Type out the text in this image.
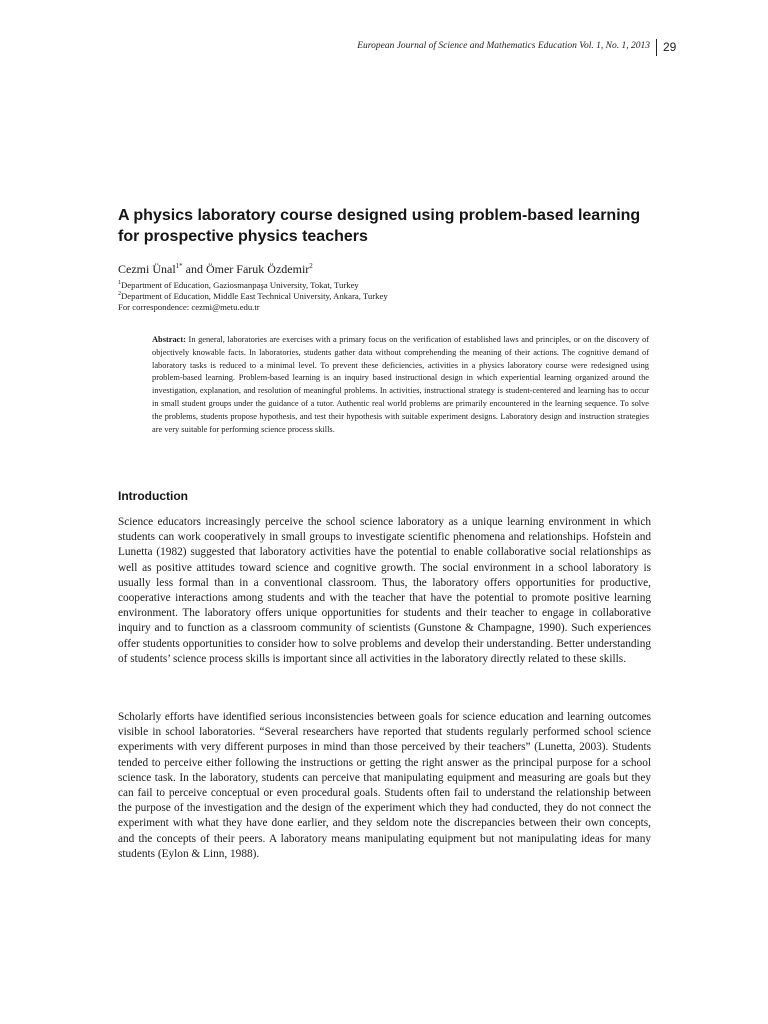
European Journal of Science and Mathematics Education Vol. 1, No. 1, 2013 29
A physics laboratory course designed using problem-based learning for prospective physics teachers
Cezmi Ünal$^{1*}$ and Ömer Faruk Özdemir$^2$
$^1$Department of Education, Gaziosmanpaşa University, Tokat, Turkey
$^2$Department of Education, Middle East Technical University, Ankara, Turkey
For correspondence: cezmi@metu.edu.tr

Abstract: In general, laboratories are exercises with a primary focus on the verification of established laws and principles, or on the discovery of objectively knowable facts. In laboratories, students gather data without comprehending the meaning of their actions. The cognitive demand of laboratory tasks is reduced to a minimal level. To prevent these deficiencies, activities in a physics laboratory course were redesigned using problem-based learning. Problem-based learning is an inquiry based instructional design in which experiential learning organized around the investigation, explanation, and resolution of meaningful problems. In activities, instructional strategy is student-centered and learning has to occur in small student groups under the guidance of a tutor. Authentic real world problems are primarily encountered in the learning sequence. To solve the problems, students propose hypothesis, and test their hypothesis with suitable experiment designs. Laboratory design and instruction strategies are very suitable for performing science process skills.

Introduction

Science educators increasingly perceive the school science laboratory as a unique learning environment in which students can work cooperatively in small groups to investigate scientific phenomena and relationships. Hofstein and Lunetta (1982) suggested that laboratory activities have the potential to enable collaborative social relationships as well as positive attitudes toward science and cognitive growth. The social environment in a school laboratory is usually less formal than in a conventional classroom. Thus, the laboratory offers opportunities for productive, cooperative interactions among students and with the teacher that have the potential to promote positive learning environment. The laboratory offers unique opportunities for students and their teacher to engage in collaborative inquiry and to function as a classroom community of scientists (Gunstone & Champagne, 1990). Such experiences offer students opportunities to consider how to solve problems and develop their understanding. Better understanding of students’ science process skills is important since all activities in the laboratory directly related to these skills.

Scholarly efforts have identified serious inconsistencies between goals for science education and learning outcomes visible in school laboratories. “Several researchers have reported that students regularly performed school science experiments with very different purposes in mind than those perceived by their teachers” (Lunetta, 2003). Students tended to perceive either following the instructions or getting the right answer as the principal purpose for a school science task. In the laboratory, students can perceive that manipulating equipment and measuring are goals but they can fail to perceive conceptual or even procedural goals. Students often fail to understand the relationship between the purpose of the investigation and the design of the experiment which they had conducted, they do not connect the experiment with what they have done earlier, and they seldom note the discrepancies between their own concepts, and the concepts of their peers. A laboratory means manipulating equipment but not manipulating ideas for many students (Eylon & Linn, 1988).
